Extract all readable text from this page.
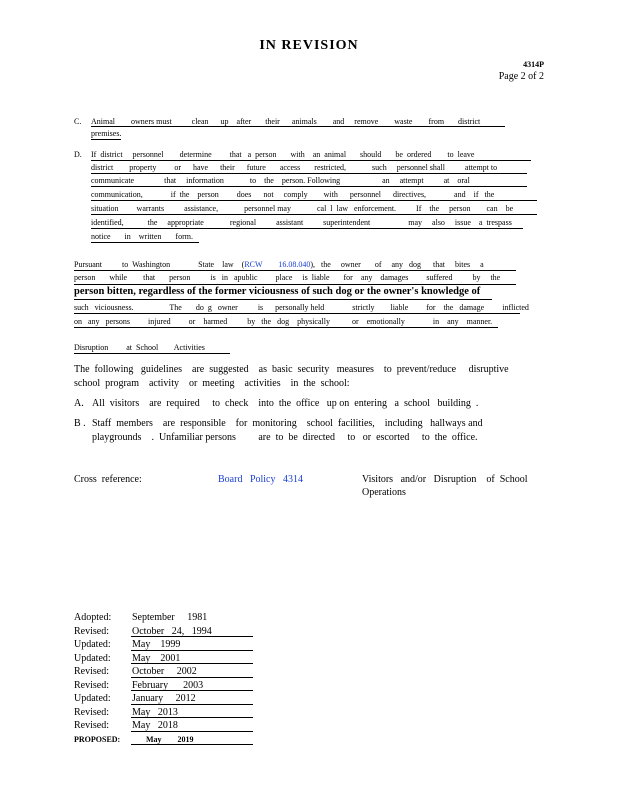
IN REVISION
4314P
Page 2 of 2
C. Animal        owners must          clean      up    after       their      animals        and     remove        waste        from       district
premises.
D. If  district     personnel        determine         that   a  person       with    an  animal       should       be  ordered        to  leave
district        property         or      have      their      future       access       restricted,             such     personnel shall          attempt to
communicate               that     information             to    the    person. Following                     an     attempt          at    oral
communication,              if  the    person         does      not     comply        with      personnel      directives,              and    if   the
situation         warrants          assistance,             personnel may             cal  l  law   enforcement.          If    the     person        can    be
identified,            the     appropriate             regional          assistant          superintendent                   may     also     issue    a  trespass
notice       in    written       form.
Pursuant          to  Washington              State    law    (RCW        16.08.040),   the     owner       of     any   dog      that     bites     a
person       while        that       person          is   in   apublic         place     is  liable       for    any    damages         suffered          by     the
person bitten, regardless of the former viciousness of such dog or the owner's knowledge of
such   viciousness.                  The       do  g   owner          is      personally held              strictly        liable         for    the   damage         inflicted
on   any   persons         injured         or    harmed          by   the   dog    physically           or    emotionally              in    any    manner.
Disruption         at  School        Activities
The  following   guidelines    are  suggested    as  basic  security   measures    to  prevent/reduce     disruptive
school  program    activity    or  meeting    activities    in  the  school:
A. All  visitors    are  required     to  check    into  the  office   up on  entering   a  school   building  .
B . Staff  members    are  responsible    for  monitoring    school  facilities,    including   hallways and
playgrounds    .  Unfamiliar persons         are  to  be  directed     to   or  escorted     to  the  office.
Cross  reference:	Board   Policy   4314	Visitors   and/or   Disruption    of  School
Operations
Adopted: September     1981
Revised: October   24,   1994
Updated: May    1999
Updated: May    2001
Revised: October     2002
Revised: February      2003
Updated: January     2012
Revised: May   2013
Revised: May   2018
PROPOSED:	May        2019
